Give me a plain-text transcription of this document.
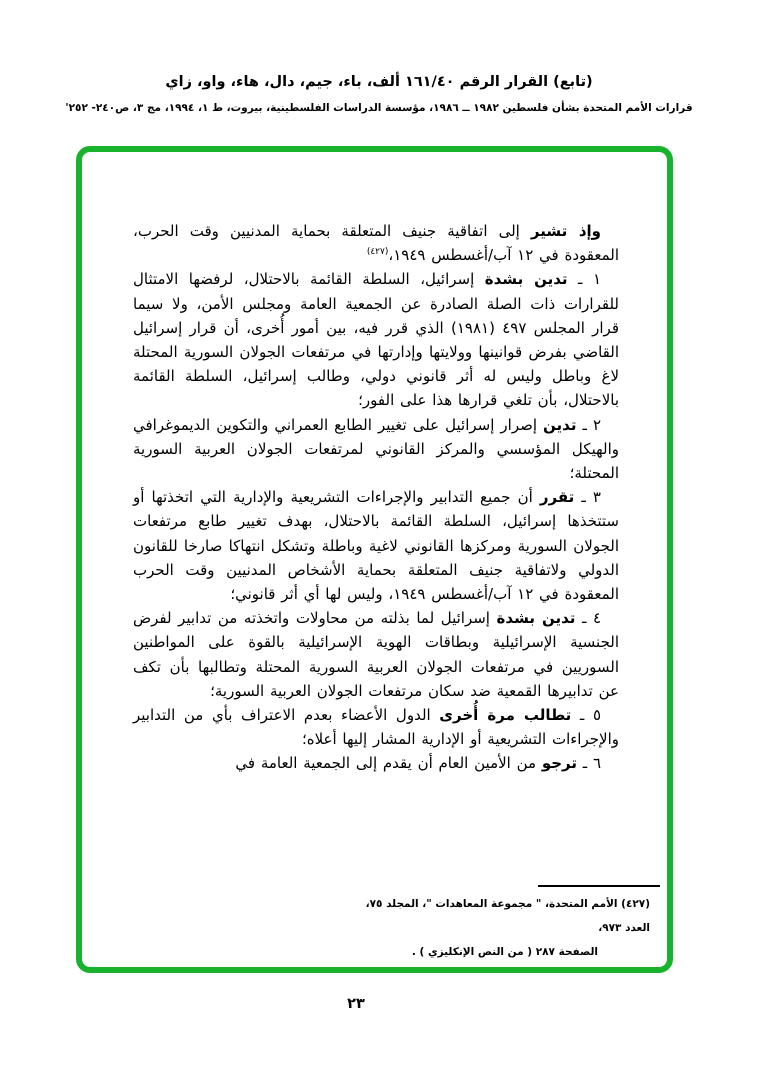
(تابع) القرار الرقم ١٦١/٤٠ ألف، باء، جيم، دال، هاء، واو، زاي
قرارات الأمم المتحدة بشأن فلسطين ١٩٨٢ ــ ١٩٨٦، مؤسسة الدراسات الفلسطينية، بيروت، ط ١، ١٩٩٤، مج ٣، ص٢٤٠- ٢٥٢'

وإذ تشير إلى اتفاقية جنيف المتعلقة بحماية المدنيين وقت الحرب، المعقودة في ١٢ آب/أغسطس ١٩٤٩،$^{(٤٢٧)}$

١ ـ تدين بشدة إسرائيل، السلطة القائمة بالاحتلال، لرفضها الامتثال للقرارات ذات الصلة الصادرة عن الجمعية العامة ومجلس الأمن، ولا سيما قرار المجلس ٤٩٧ (١٩٨١) الذي قرر فيه، بين أمور أُخرى، أن قرار إسرائيل القاضي بفرض قوانينها وولايتها وإدارتها في مرتفعات الجولان السورية المحتلة لاغ وباطل وليس له أثر قانوني دولي، وطالب إسرائيل، السلطة القائمة بالاحتلال، بأن تلغي قرارها هذا على الفور؛

٢ ـ تدين إصرار إسرائيل على تغيير الطابع العمراني والتكوين الديموغرافي والهيكل المؤسسي والمركز القانوني لمرتفعات الجولان العربية السورية المحتلة؛

٣ ـ تقرر أن جميع التدابير والإجراءات التشريعية والإدارية التي اتخذتها أو ستتخذها إسرائيل، السلطة القائمة بالاحتلال، بهدف تغيير طابع مرتفعات الجولان السورية ومركزها القانوني لاغية وباطلة وتشكل انتهاكا صارخا للقانون الدولي ولاتفاقية جنيف المتعلقة بحماية الأشخاص المدنيين وقت الحرب المعقودة في ١٢ آب/أغسطس ١٩٤٩، وليس لها أي أثر قانوني؛

٤ ـ تدين بشدة إسرائيل لما بذلته من محاولات واتخذته من تدابير لفرض الجنسية الإسرائيلية وبطاقات الهوية الإسرائيلية بالقوة على المواطنين السوريين في مرتفعات الجولان العربية السورية المحتلة وتطالبها بأن تكف عن تدابيرها القمعية ضد سكان مرتفعات الجولان العربية السورية؛

٥ ـ تطالب مرة أُخرى الدول الأعضاء بعدم الاعتراف بأي من التدابير والإجراءات التشريعية أو الإدارية المشار إليها أعلاه؛

٦ ـ ترجو من الأمين العام أن يقدم إلى الجمعية العامة في

(٤٢٧) الأمم المتحدة، " مجموعة المعاهدات "، المجلد ٧٥، العدد ٩٧٣،
الصفحة ٢٨٧ ( من النص الإنكليزي ) .
٢٣
